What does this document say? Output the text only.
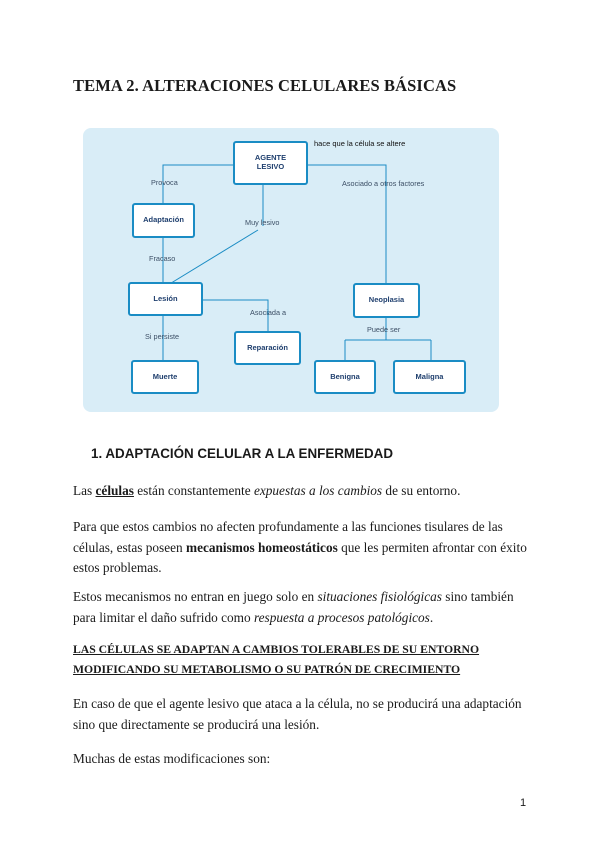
TEMA 2. ALTERACIONES CELULARES BÁSICAS
AGENTE LESIVO
Adaptación
Lesión
Muerte
Reparación
Neoplasia
Benigna	Maligna
hace que la célula se altere
Provoca
Muy lesivo
Asociado a otros factores
Fracaso
Asociada a
Si persiste
Puede ser
1. ADAPTACIÓN CELULAR A LA ENFERMEDAD
Las células están constantemente expuestas a los cambios de su entorno.
Para que estos cambios no afecten profundamente a las funciones tisulares de las células, estas poseen mecanismos homeostáticos que les permiten afrontar con éxito estos problemas.
Estos mecanismos no entran en juego solo en situaciones fisiológicas sino también para limitar el daño sufrido como respuesta a procesos patológicos.
LAS CÉLULAS SE ADAPTAN A CAMBIOS TOLERABLES DE SU ENTORNO MODIFICANDO SU METABOLISMO O SU PATRÓN DE CRECIMIENTO
En caso de que el agente lesivo que ataca a la célula, no se producirá una adaptación sino que directamente se producirá una lesión.
Muchas de estas modificaciones son:
1
